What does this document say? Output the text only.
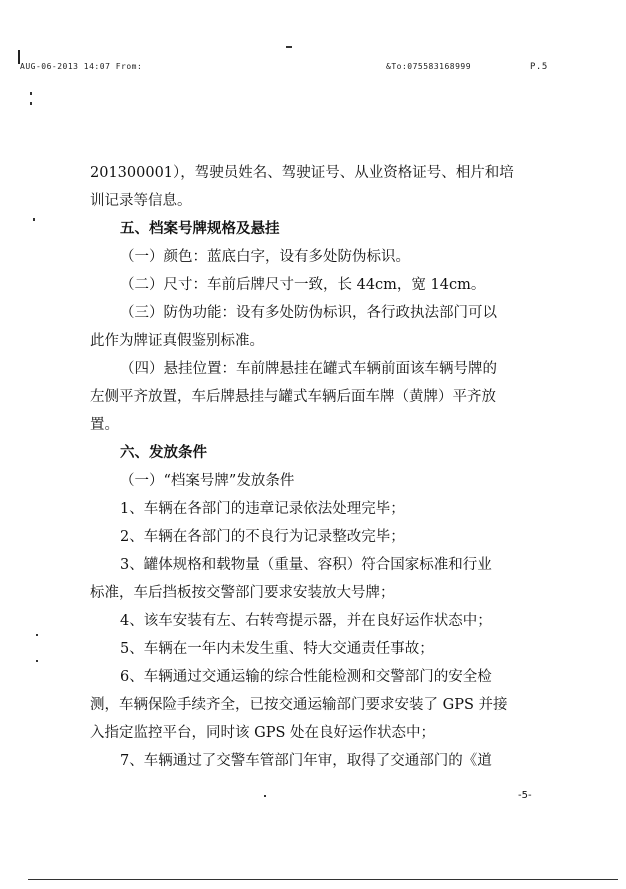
AUG-06-2013 14:07 From:	&To:075583168999	P.5
201300001），驾驶员姓名、驾驶证号、从业资格证号、相片和培
训记录等信息。
五、档案号牌规格及悬挂
（一）颜色：蓝底白字，设有多处防伪标识。
（二）尺寸：车前后牌尺寸一致，长 44cm，宽 14cm。
（三）防伪功能：设有多处防伪标识，各行政执法部门可以
此作为牌证真假鉴别标准。
（四）悬挂位置：车前牌悬挂在罐式车辆前面该车辆号牌的
左侧平齐放置，车后牌悬挂与罐式车辆后面车牌（黄牌）平齐放
置。
六、发放条件
（一）“档案号牌”发放条件
1、车辆在各部门的违章记录依法处理完毕；
2、车辆在各部门的不良行为记录整改完毕；
3、罐体规格和载物量（重量、容积）符合国家标准和行业
标准，车后挡板按交警部门要求安装放大号牌；
4、该车安装有左、右转弯提示器，并在良好运作状态中；
5、车辆在一年内未发生重、特大交通责任事故；
6、车辆通过交通运输的综合性能检测和交警部门的安全检
测，车辆保险手续齐全，已按交通运输部门要求安装了 GPS 并接
入指定监控平台，同时该 GPS 处在良好运作状态中；
7、车辆通过了交警车管部门年审，取得了交通部门的《道
-5-
